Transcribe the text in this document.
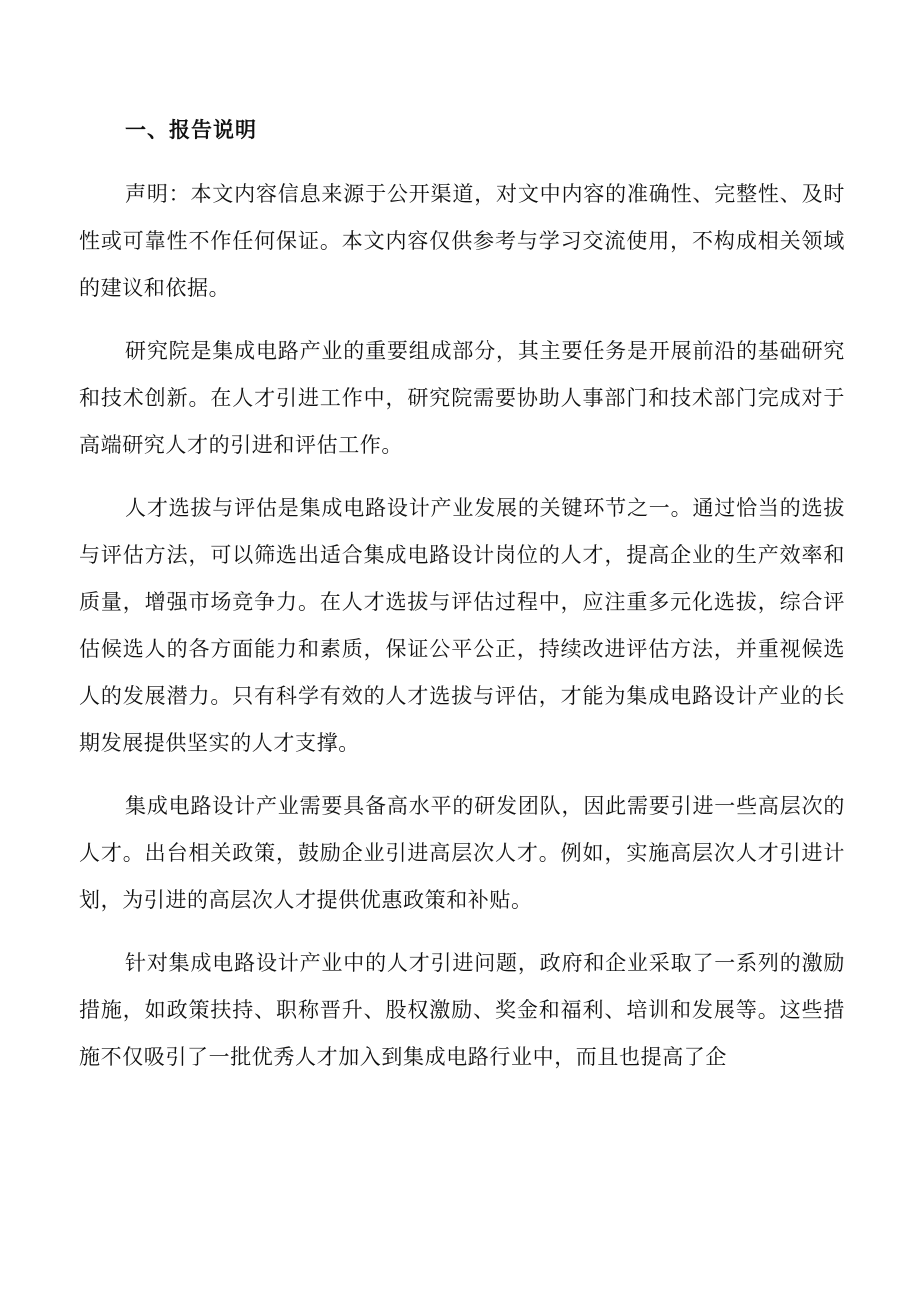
一、报告说明

声明：本文内容信息来源于公开渠道，对文中内容的准确性、完整性、及时性或可靠性不作任何保证。本文内容仅供参考与学习交流使用，不构成相关领域的建议和依据。

研究院是集成电路产业的重要组成部分，其主要任务是开展前沿的基础研究和技术创新。在人才引进工作中，研究院需要协助人事部门和技术部门完成对于高端研究人才的引进和评估工作。

人才选拔与评估是集成电路设计产业发展的关键环节之一。通过恰当的选拔与评估方法，可以筛选出适合集成电路设计岗位的人才，提高企业的生产效率和质量，增强市场竞争力。在人才选拔与评估过程中，应注重多元化选拔，综合评估候选人的各方面能力和素质，保证公平公正，持续改进评估方法，并重视候选人的发展潜力。只有科学有效的人才选拔与评估，才能为集成电路设计产业的长期发展提供坚实的人才支撑。

集成电路设计产业需要具备高水平的研发团队，因此需要引进一些高层次的人才。出台相关政策，鼓励企业引进高层次人才。例如，实施高层次人才引进计划，为引进的高层次人才提供优惠政策和补贴。

针对集成电路设计产业中的人才引进问题，政府和企业采取了一系列的激励措施，如政策扶持、职称晋升、股权激励、奖金和福利、培训和发展等。这些措施不仅吸引了一批优秀人才加入到集成电路行业中，而且也提高了企
